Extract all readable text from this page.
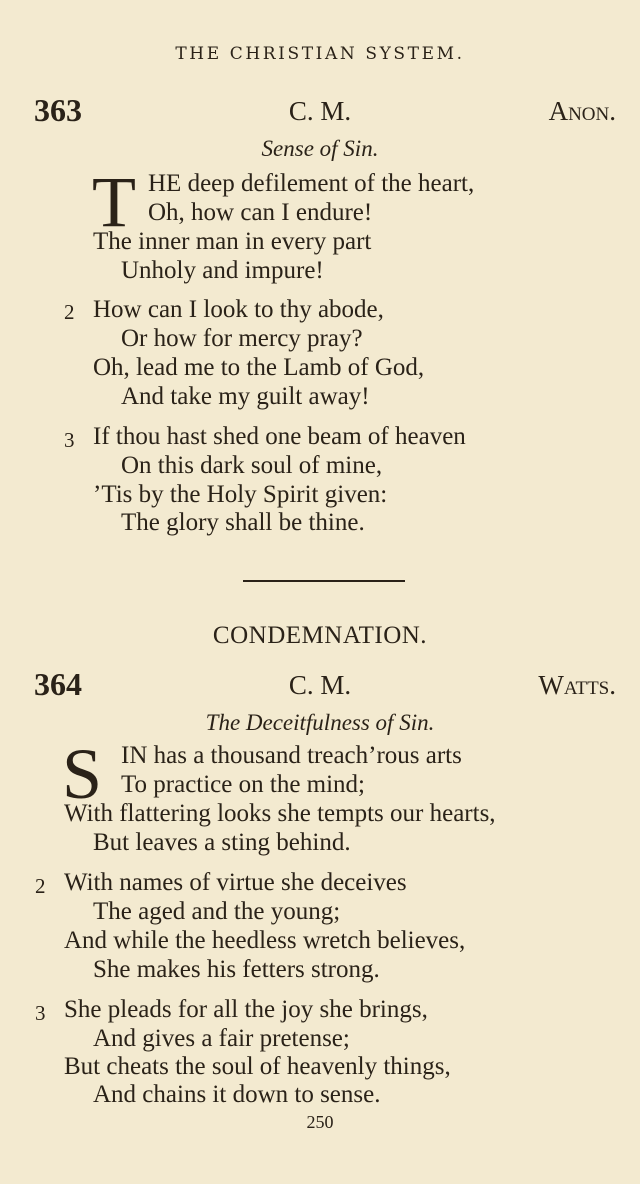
THE CHRISTIAN SYSTEM.
363	C. M.	Anon.
Sense of Sin.
T HE deep defilement of the heart,
Oh, how can I endure!
The inner man in every part
Unholy and impure!
2 How can I look to thy abode,
Or how for mercy pray?
Oh, lead me to the Lamb of God,
And take my guilt away!
3 If thou hast shed one beam of heaven
On this dark soul of mine,
’Tis by the Holy Spirit given:
The glory shall be thine.
CONDEMNATION.
364	C. M.	Watts.
The Deceitfulness of Sin.
S IN has a thousand treach’rous arts
To practice on the mind;
With flattering looks she tempts our hearts,
But leaves a sting behind.
2 With names of virtue she deceives
The aged and the young;
And while the heedless wretch believes,
She makes his fetters strong.
3 She pleads for all the joy she brings,
And gives a fair pretense;
But cheats the soul of heavenly things,
And chains it down to sense.
250
